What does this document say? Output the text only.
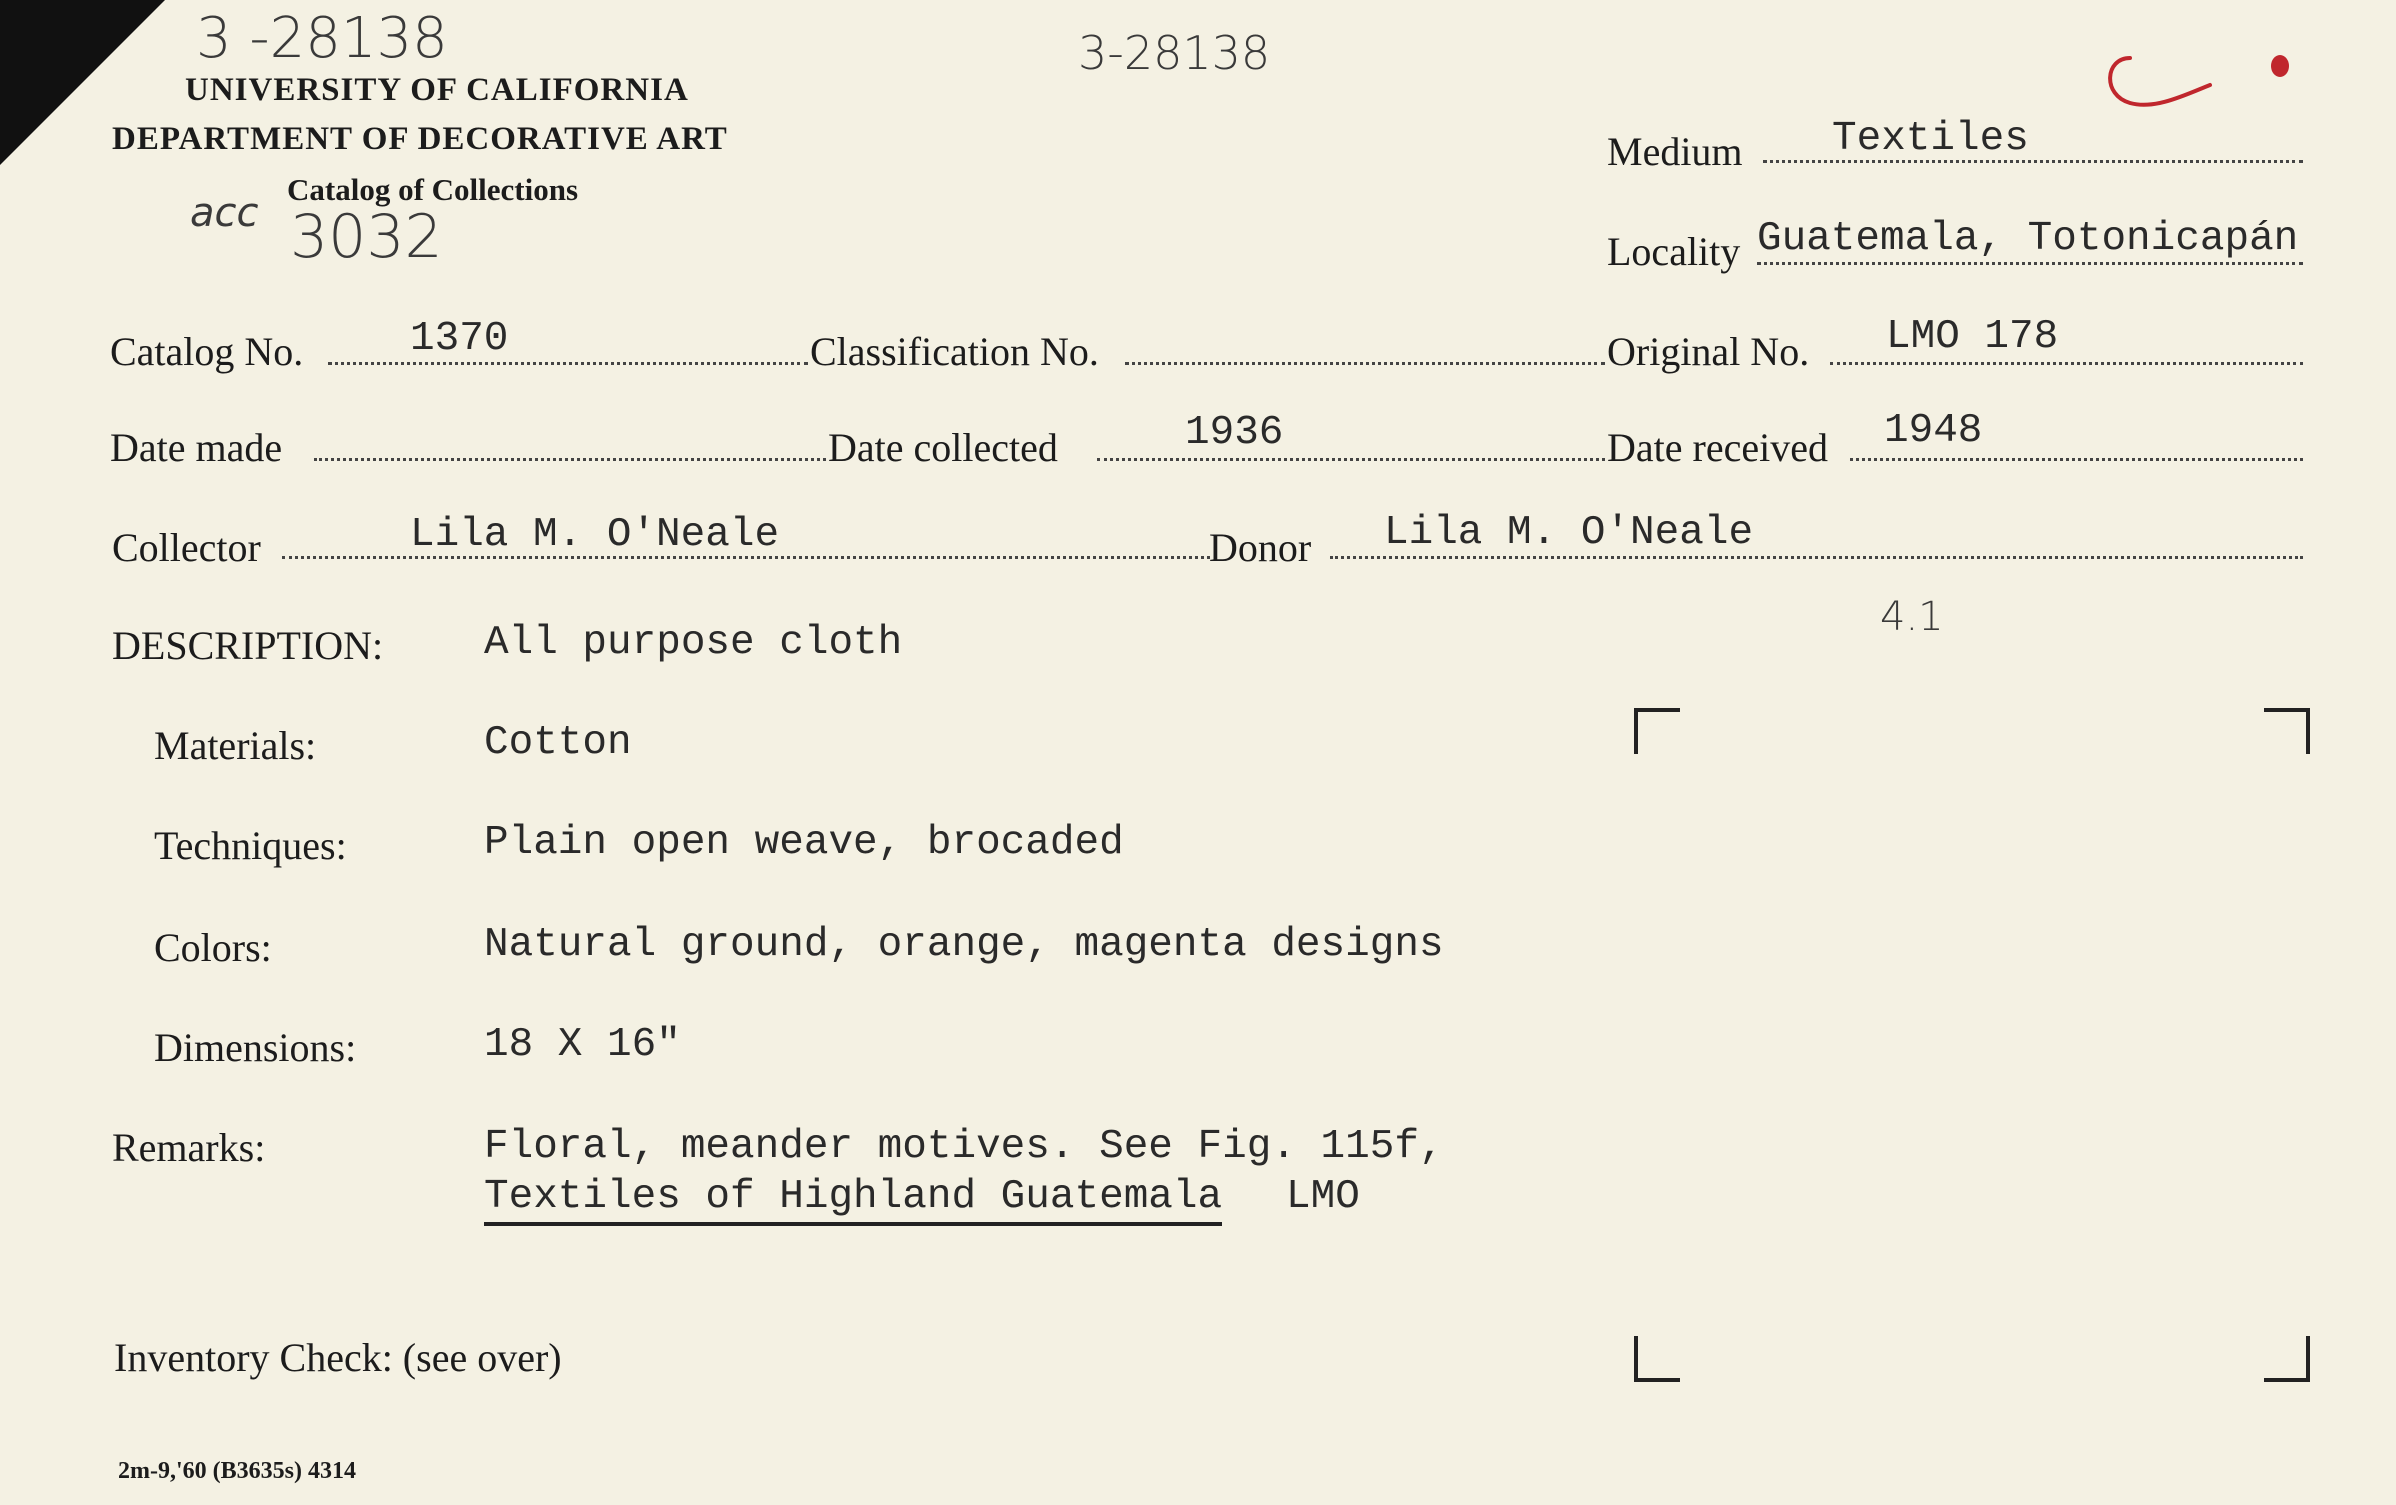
3 -28138	3-28138
acc 3032
4.1
UNIVERSITY OF CALIFORNIA
DEPARTMENT OF DECORATIVE ART
Catalog of Collections
Medium Textiles
Locality Guatemala, Totonicapán
Catalog No.	1370	Classification No.	Original No. LMO 178
Date made	Date collected	1936	Date received 1948
Collector	Lila M. O'Neale	Donor Lila M. O'Neale
DESCRIPTION: All purpose cloth
Materials:	Cotton
Techniques:	Plain open weave, brocaded
Colors:	Natural ground, orange, magenta designs
Dimensions:	18 X 16"
Remarks:	Floral, meander motives. See Fig. 115f,
Textiles of Highland Guatemala LMO
Inventory Check: (see over)
2m-9,'60 (B3635s) 4314
